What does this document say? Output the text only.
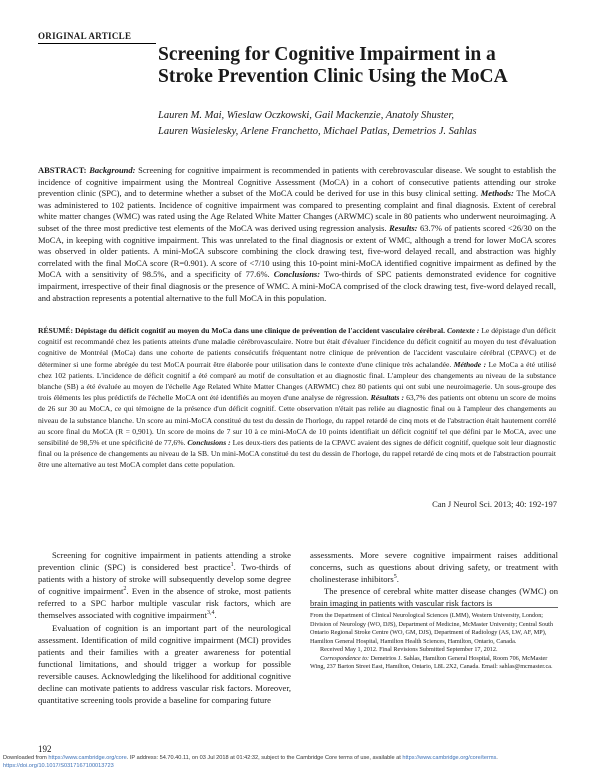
ORIGINAL ARTICLE
Screening for Cognitive Impairment in a
Stroke Prevention Clinic Using the MoCA
Lauren M. Mai, Wieslaw Oczkowski, Gail Mackenzie, Anatoly Shuster,
Lauren Wasielesky, Arlene Franchetto, Michael Patlas, Demetrios J. Sahlas
ABSTRACT: Background: Screening for cognitive impairment is recommended in patients with cerebrovascular disease. We sought to establish the incidence of cognitive impairment using the Montreal Cognitive Assessment (MoCA) in a cohort of consecutive patients attending our stroke prevention clinic (SPC), and to determine whether a subset of the MoCA could be derived for use in this busy clinical setting. Methods: The MoCA was administered to 102 patients. Incidence of cognitive impairment was compared to presenting complaint and final diagnosis. Extent of cerebral white matter changes (WMC) was rated using the Age Related White Matter Changes (ARWMC) scale in 80 patients who underwent neuroimaging. A subset of the three most predictive test elements of the MoCA was derived using regression analysis. Results: 63.7% of patients scored <26/30 on the MoCA, in keeping with cognitive impairment. This was unrelated to the final diagnosis or extent of WMC, although a trend for lower MoCA scores was observed in older patients. A mini-MoCA subscore combining the clock drawing test, five-word delayed recall, and abstraction was highly correlated with the final MoCA score (R=0.901). A score of <7/10 using this 10-point mini-MoCA identified cognitive impairment as defined by the MoCA with a sensitivity of 98.5%, and a specificity of 77.6%. Conclusions: Two-thirds of SPC patients demonstrated evidence for cognitive impairment, irrespective of their final diagnosis or the presence of WMC. A mini-MoCA comprised of the clock drawing test, five-word delayed recall, and abstraction represents a potential alternative to the full MoCA in this population.
RÉSUMÉ: Dépistage du déficit cognitif au moyen du MoCa dans une clinique de prévention de l'accident vasculaire cérébral. Contexte : Le dépistage d'un déficit cognitif est recommandé chez les patients atteints d'une maladie cérébrovasculaire. Notre but était d'évaluer l'incidence du déficit cognitif au moyen du test d'évaluation cognitive de Montréal (MoCa) dans une cohorte de patients consécutifs fréquentant notre clinique de prévention de l'accident vasculaire cérébral (CPAVC) et de déterminer si une forme abrégée du test MoCA pourrait être élaborée pour utilisation dans le contexte d'une clinique très achalandée. Méthode : Le MoCa a été utilisé chez 102 patients. L'incidence de déficit cognitif a été comparé au motif de consultation et au diagnostic final. L'ampleur des changements au niveau de la substance blanche (SB) a été évaluée au moyen de l'échelle Age Related White Matter Changes (ARWMC) chez 80 patients qui ont subi une neuroimagerie. Un sous-groupe des trois éléments les plus prédictifs de l'échelle MoCA ont été identifiés au moyen d'une analyse de régression. Résultats : 63,7% des patients ont obtenu un score de moins de 26 sur 30 au MoCA, ce qui témoigne de la présence d'un déficit cognitif. Cette observation n'était pas reliée au diagnostic final ou à l'ampleur des changements au niveau de la substance blanche. Un score au mini-MoCA constitué du test du dessin de l'horloge, du rappel retardé de cinq mots et de l'abstraction était hautement corrélé au score final du MoCA (R = 0,901). Un score de moins de 7 sur 10 à ce mini-MoCA de 10 points identifiait un déficit cognitif tel que défini par le MoCA, avec une sensibilité de 98,5% et une spécificité de 77,6%. Conclusions : Les deux-tiers des patients de la CPAVC avaient des signes de déficit cognitif, quelque soit leur diagnostic final ou la présence de changements au niveau de la SB. Un mini-MoCA constitué du test du dessin de l'horloge, du rappel retardé de cinq mots et de l'abstraction pourrait être une alternative au test MoCA complet dans cette population.
Can J Neurol Sci. 2013; 40: 192-197

Screening for cognitive impairment in patients attending a stroke prevention clinic (SPC) is considered best practice$^1$. Two-thirds of patients with a history of stroke will subsequently develop some degree of cognitive impairment$^2$. Even in the absence of stroke, most patients referred to a SPC harbor multiple vascular risk factors, which are themselves associated with cognitive impairment$^{3,4}$.

Evaluation of cognition is an important part of the neurological assessment. Identification of mild cognitive impairment (MCI) provides patients and their families with a greater awareness for potential functional limitations, and should trigger a workup for possible reversible causes. Acknowledging the likelihood for additional cognitive decline can motivate patients to address vascular risk factors. Moreover, quantitative screening tools provide a baseline for comparing future

assessments. More severe cognitive impairment raises additional concerns, such as questions about driving safety, or treatment with cholinesterase inhibitors$^5$.

The presence of cerebral white matter disease changes (WMC) on brain imaging in patients with vascular risk factors is

From the Department of Clinical Neurological Sciences (LMM), Western University, London; Division of Neurology (WO, DJS), Department of Medicine, McMaster University; Central South Ontario Regional Stroke Centre (WO, GM, DJS), Department of Radiology (AS, LW, AF, MP), Hamilton General Hospital, Hamilton Health Sciences, Hamilton, Ontario, Canada.

Received May 1, 2012. Final Revisions Submitted September 17, 2012.

Correspondence to: Demetrios J. Sahlas, Hamilton General Hospital, Room 706, McMaster Wing, 237 Barton Street East, Hamilton, Ontario, L8L 2X2, Canada. Email: sahlas@mcmaster.ca.

192
Downloaded from https://www.cambridge.org/core. IP address: 54.70.40.11, on 03 Jul 2018 at 01:42:32, subject to the Cambridge Core terms of use, available at https://www.cambridge.org/core/terms.
https://doi.org/10.1017/S0317167100013723
